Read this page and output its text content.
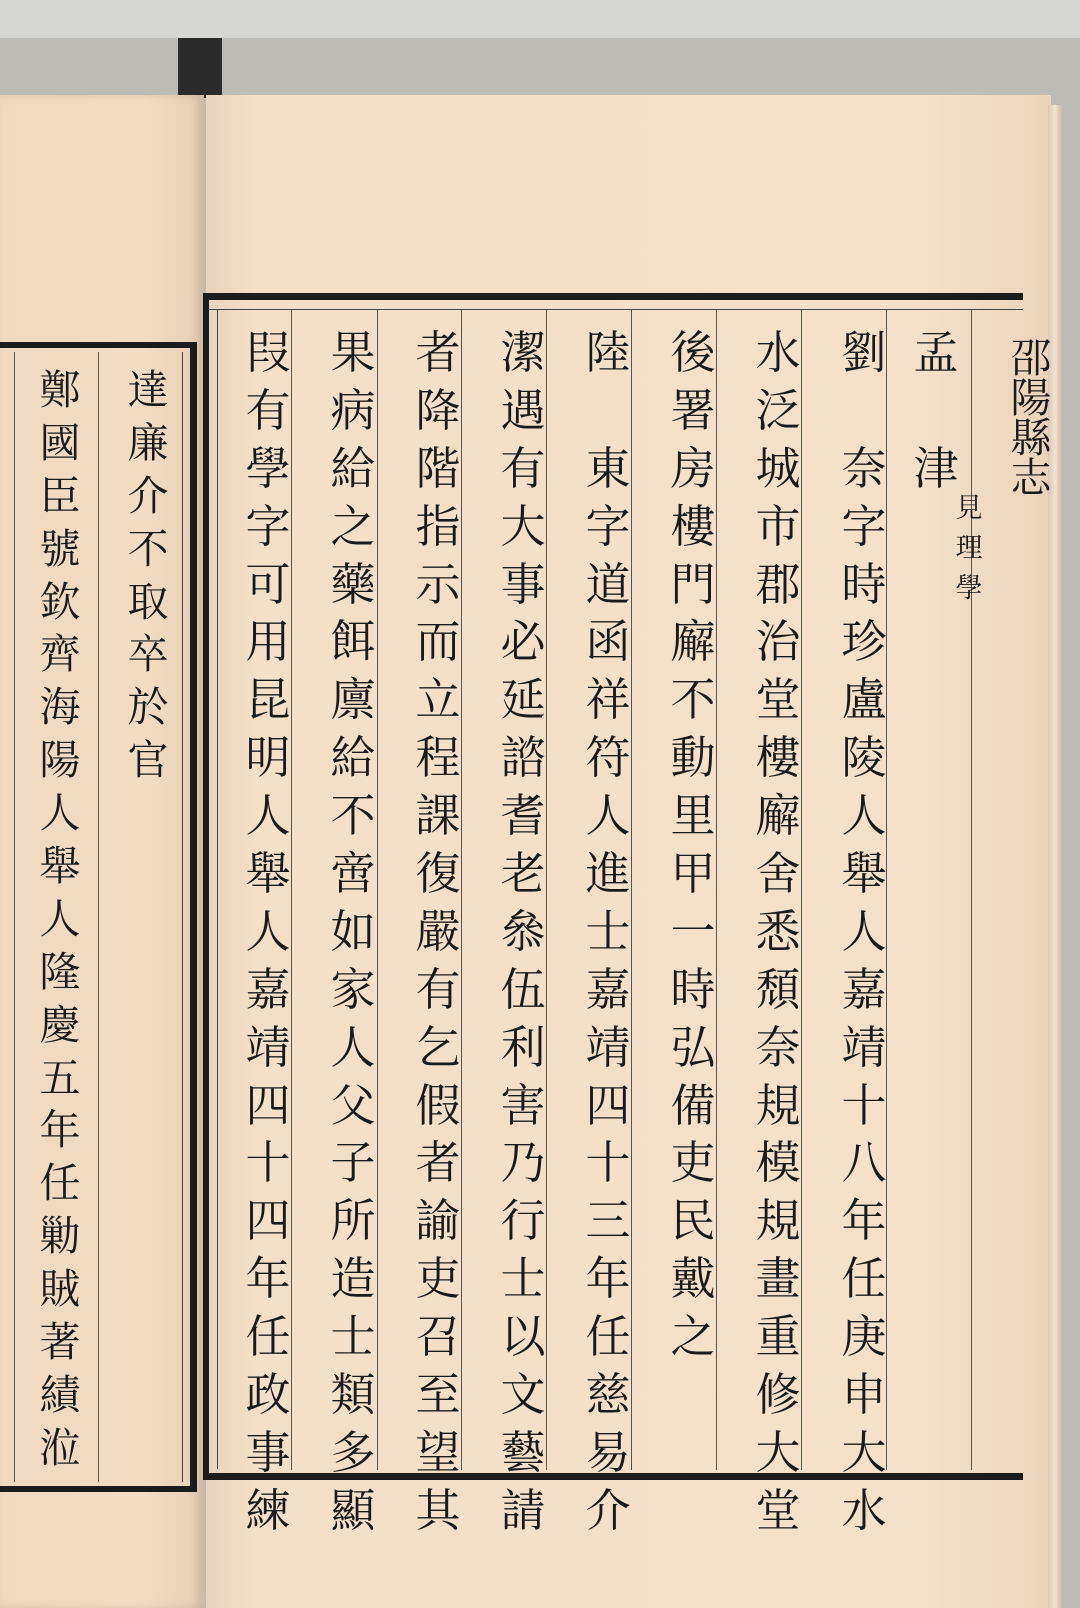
邵
陽
縣
志
達
廉
介
不
取
卒
於
官
鄭
國
臣
號
欽
齊
海
陽
人
舉
人
隆
慶
五
年
任
勦
賊
著
績
涖
孟

津
見
理
學
劉

奈
字
時
珍
盧
陵
人
舉
人
嘉
靖
十
八
年
任
庚
申
大
水
水
泛
城
市
郡
治
堂
樓
廨
舍
悉
頹
奈
規
模
規
畫
重
修
大
堂
後
署
房
樓
門
廨
不
動
里
甲
一
時
弘
備
吏
民
戴
之
陸

東
字
道
函
祥
符
人
進
士
嘉
靖
四
十
三
年
任
慈
易
介
潔
遇
有
大
事
必
延
諮
耆
老
叅
伍
利
害
乃
行
士
以
文
藝
請
者
降
階
指
示
而
立
程
課
復
嚴
有
乞
假
者
諭
吏
召
至
望
其
果
病
給
之
藥
餌
廪
給
不
啻
如
家
人
父
子
所
造
士
類
多
顯
叚
有
學
字
可
用
昆
明
人
舉
人
嘉
靖
四
十
四
年
任
政
事
練
